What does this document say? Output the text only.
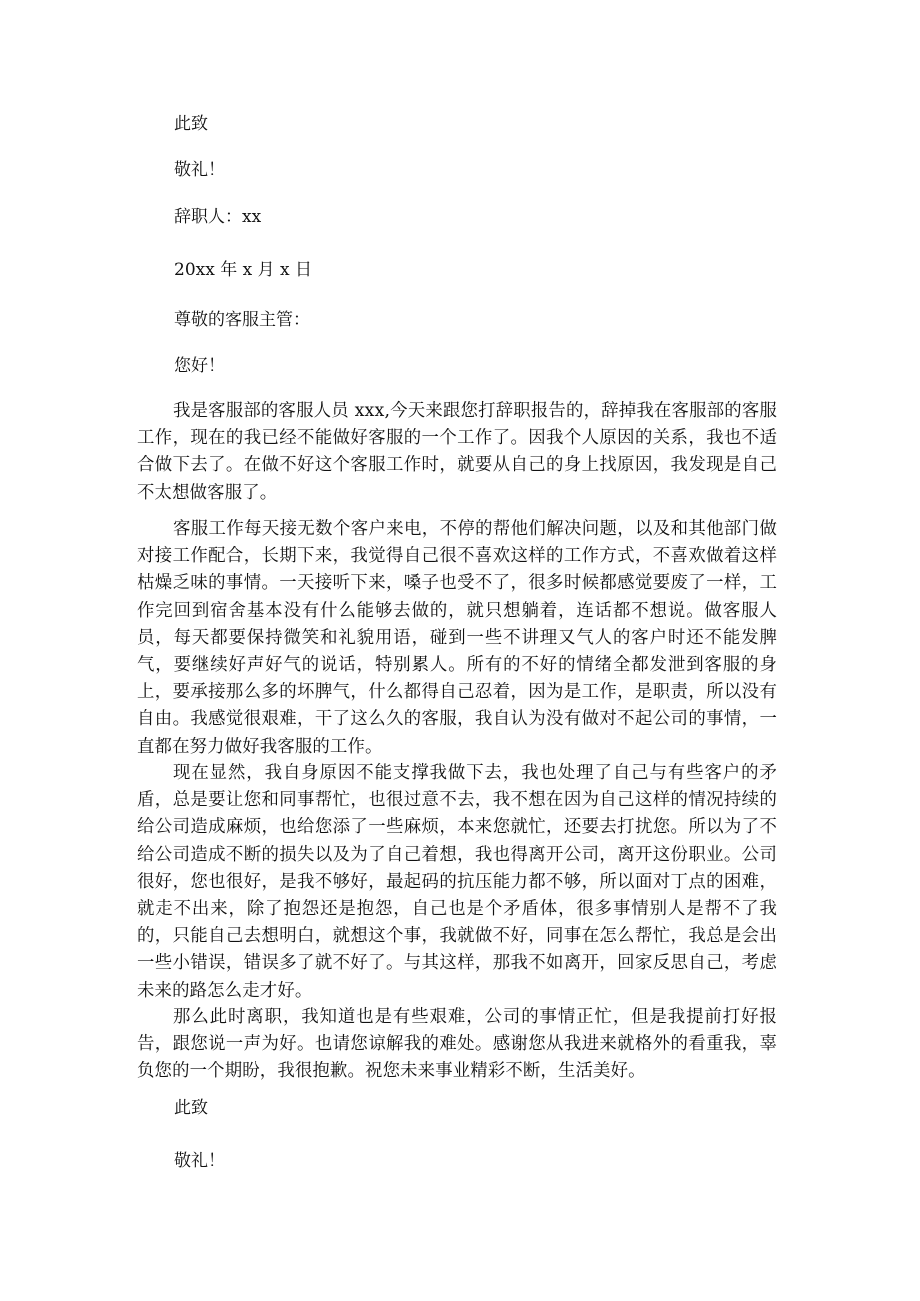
此致
敬礼！
辞职人：xx
20xx 年 x 月 x 日
尊敬的客服主管：
您好！

我是客服部的客服人员 xxx,今天来跟您打辞职报告的，辞掉我在客服部的客服工作，现在的我已经不能做好客服的一个工作了。因我个人原因的关系，我也不适合做下去了。在做不好这个客服工作时，就要从自己的身上找原因，我发现是自己不太想做客服了。

客服工作每天接无数个客户来电，不停的帮他们解决问题，以及和其他部门做对接工作配合，长期下来，我觉得自己很不喜欢这样的工作方式，不喜欢做着这样枯燥乏味的事情。一天接听下来，嗓子也受不了，很多时候都感觉要废了一样，工作完回到宿舍基本没有什么能够去做的，就只想躺着，连话都不想说。做客服人员，每天都要保持微笑和礼貌用语，碰到一些不讲理又气人的客户时还不能发脾气，要继续好声好气的说话，特别累人。所有的不好的情绪全都发泄到客服的身上，要承接那么多的坏脾气，什么都得自己忍着，因为是工作，是职责，所以没有自由。我感觉很艰难，干了这么久的客服，我自认为没有做对不起公司的事情，一直都在努力做好我客服的工作。

现在显然，我自身原因不能支撑我做下去，我也处理了自己与有些客户的矛盾，总是要让您和同事帮忙，也很过意不去，我不想在因为自己这样的情况持续的给公司造成麻烦，也给您添了一些麻烦，本来您就忙，还要去打扰您。所以为了不给公司造成不断的损失以及为了自己着想，我也得离开公司，离开这份职业。公司很好，您也很好，是我不够好，最起码的抗压能力都不够，所以面对丁点的困难，就走不出来，除了抱怨还是抱怨，自己也是个矛盾体，很多事情别人是帮不了我的，只能自己去想明白，就想这个事，我就做不好，同事在怎么帮忙，我总是会出一些小错误，错误多了就不好了。与其这样，那我不如离开，回家反思自己，考虑未来的路怎么走才好。

那么此时离职，我知道也是有些艰难，公司的事情正忙，但是我提前打好报告，跟您说一声为好。也请您谅解我的难处。感谢您从我进来就格外的看重我，辜负您的一个期盼，我很抱歉。祝您未来事业精彩不断，生活美好。

此致
敬礼！
